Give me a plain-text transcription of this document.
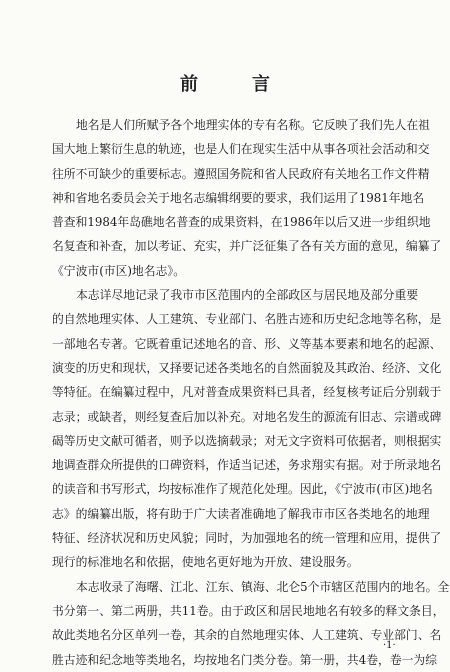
前　言
地名是人们所赋予各个地理实体的专有名称。它反映了我们先人在祖
国大地上繁衍生息的轨迹，也是人们在现实生活中从事各项社会活动和交
往所不可缺少的重要标志。遵照国务院和省人民政府有关地名工作文件精
神和省地名委员会关于地名志编辑纲要的要求，我们运用了1981年地名
普查和1984年岛礁地名普查的成果资料，在1986年以后又进一步组织地
名复查和补查，加以考证、充实，并广泛征集了各有关方面的意见，编纂了
《宁波市(市区)地名志》。
本志详尽地记录了我市市区范围内的全部政区与居民地及部分重要
的自然地理实体、人工建筑、专业部门、名胜古迹和历史纪念地等名称，是
一部地名专著。它既着重记述地名的音、形、义等基本要素和地名的起源、
演变的历史和现状，又择要记述各类地名的自然面貌及其政治、经济、文化
等特征。在编纂过程中，凡对普查成果资料已具者，经复核考证后分别载于
志录；或缺者，则经复查后加以补充。对地名发生的源流有旧志、宗谱或碑
碣等历史文献可循者，则予以选摘载录；对无文字资料可依据者，则根据实
地调查群众所提供的口碑资料，作适当记述，务求翔实有据。对于所录地名
的读音和书写形式，均按标准作了规范化处理。因此，《宁波市(市区)地名
志》的编纂出版，将有助于广大读者准确地了解我市市区各类地名的地理
特征、经济状况和历史风貌；同时，为加强地名的统一管理和应用，提供了
现行的标准地名和依据，使地名更好地为开放、建设服务。
本志收录了海曙、江北、江东、镇海、北仑5个市辖区范围内的地名。全
书分第一、第二两册，共11卷。由于政区和居民地地名有较多的释文条目，
故此类地名分区单列一卷，其余的自然地理实体、人工建筑、专业部门、名
胜古迹和纪念地等类地名，均按地名门类分卷。第一册，共4卷，卷一为综
·1·
